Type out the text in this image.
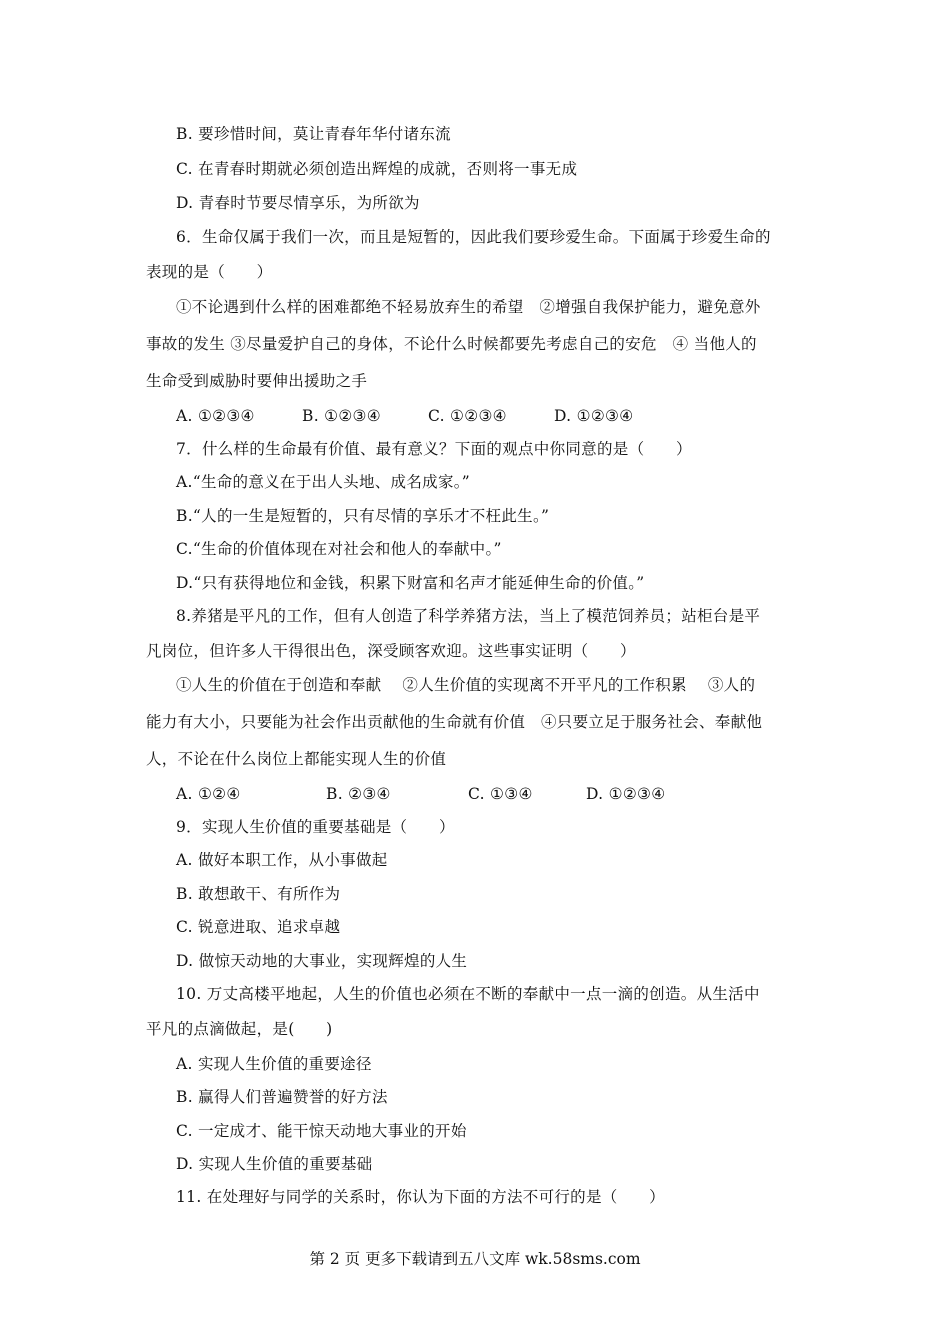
B. 要珍惜时间，莫让青春年华付诸东流
C. 在青春时期就必须创造出辉煌的成就，否则将一事无成
D. 青春时节要尽情享乐，为所欲为
6．生命仅属于我们一次，而且是短暂的，因此我们要珍爱生命。下面属于珍爱生命的
表现的是（　　）
①不论遇到什么样的困难都绝不轻易放弃生的希望　②增强自我保护能力，避免意外
事故的发生 ③尽量爱护自己的身体，不论什么时候都要先考虑自己的安危　④ 当他人的
生命受到威胁时要伸出援助之手
A. ①②③④	B. ①②③④	C. ①②③④	D. ①②③④
7．什么样的生命最有价值、最有意义？下面的观点中你同意的是（　　）
A.“生命的意义在于出人头地、成名成家。”
B.“人的一生是短暂的，只有尽情的享乐才不枉此生。”
C.“生命的价值体现在对社会和他人的奉献中。”
D.“只有获得地位和金钱，积累下财富和名声才能延伸生命的价值。”
8.养猪是平凡的工作，但有人创造了科学养猪方法，当上了模范饲养员；站柜台是平
凡岗位，但许多人干得很出色，深受顾客欢迎。这些事实证明（　　）
①人生的价值在于创造和奉献　 ②人生价值的实现离不开平凡的工作积累　 ③人的
能力有大小，只要能为社会作出贡献他的生命就有价值　④只要立足于服务社会、奉献他
人，不论在什么岗位上都能实现人生的价值
A. ①②④	B. ②③④	C. ①③④	D. ①②③④
9．实现人生价值的重要基础是（　　）
A. 做好本职工作，从小事做起
B. 敢想敢干、有所作为
C. 锐意进取、追求卓越
D. 做惊天动地的大事业，实现辉煌的人生
10. 万丈高楼平地起，人生的价值也必须在不断的奉献中一点一滴的创造。从生活中
平凡的点滴做起，是(　　)
A. 实现人生价值的重要途径
B. 赢得人们普遍赞誉的好方法
C. 一定成才、能干惊天动地大事业的开始
D. 实现人生价值的重要基础
11. 在处理好与同学的关系时，你认为下面的方法不可行的是（　　）
第 2 页 更多下载请到五八文库 wk.58sms.com
